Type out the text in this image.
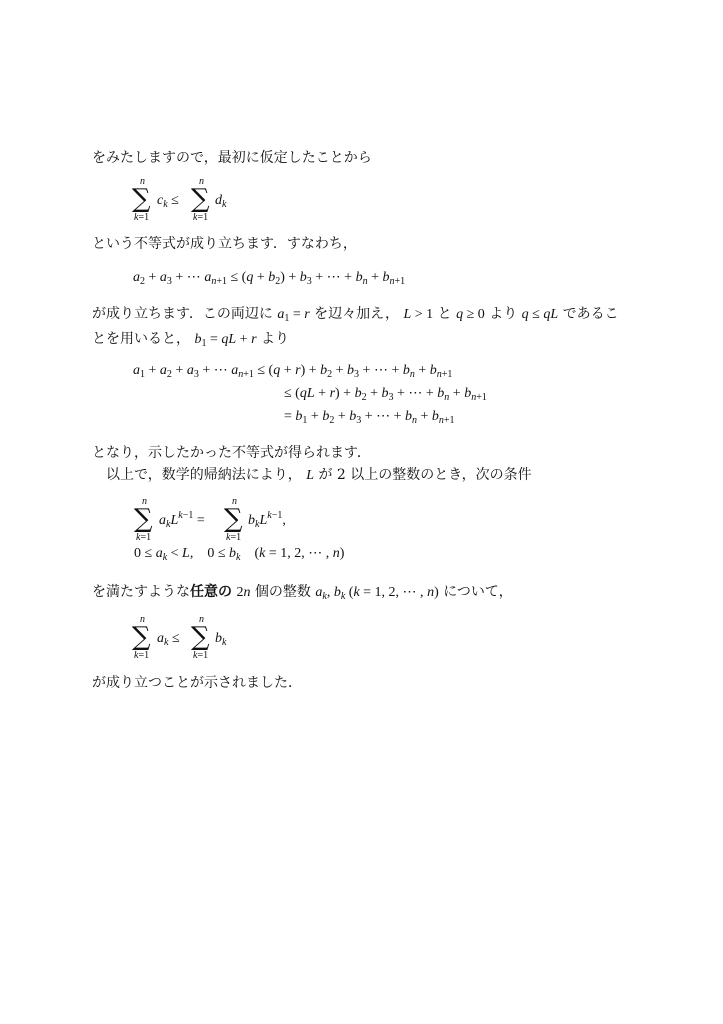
をみたしますので，最初に仮定したことから
n
∑
k=1
$c_k$ ≤
n
∑
k=1
$d_k$
という不等式が成り立ちます．すなわち，
$a_2 + a_3$ + ⋯ $a_{n+1} \le (q + b_2) + b_3$ + ⋯ + $b_n + b_{n+1}$
が成り立ちます．この両辺に $a_1 = r$ を辺々加え， L > 1 と q ≥ 0 より q ≤ qL であるこ
とを用いると， $b_1$ = qL + r より
$a_1 + a_2 + a_3$ + ⋯ $a_{n+1} \le (q + r) + b_2 + b_3$ + ⋯ + $b_n + b_{n+1}$
≤ $(qL + r) + b_2 + b_3$ + ⋯ + $b_n + b_{n+1}$
= $b_1 + b_2 + b_3$ + ⋯ + $b_n + b_{n+1}$
となり，示したかった不等式が得られます．
以上で，数学的帰納法により， L が 2 以上の整数のとき，次の条件
n
∑
k=1
$a_kL^{k-1}$ =
n
∑
k=1
$b_kL^{k-1}$,
$0 \le a_k < L$,    $0 \le b_k$    (k = 1, 2, ⋯ , n)
を満たすような任意の 2n 個の整数 $a_k$, $b_k$ (k = 1, 2, ⋯ , n) について，
n
∑
k=1
$a_k$ ≤
n
∑
k=1
$b_k$
が成り立つことが示されました．
